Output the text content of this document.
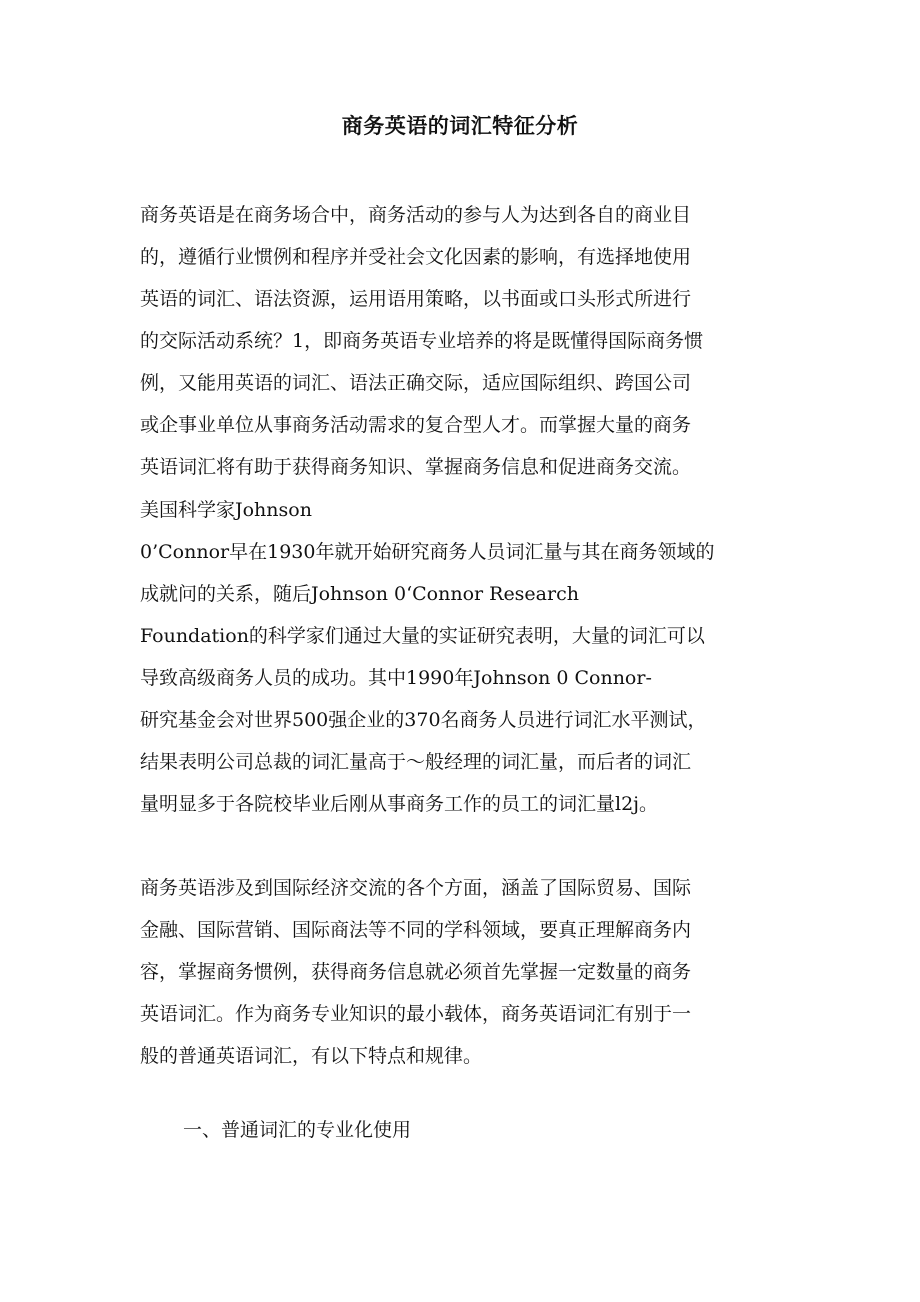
商务英语的词汇特征分析

商务英语是在商务场合中，商务活动的参与人为达到各自的商业目

的，遵循行业惯例和程序并受社会文化因素的影响，有选择地使用

英语的词汇、语法资源，运用语用策略，以书面或口头形式所进行

的交际活动系统？1，即商务英语专业培养的将是既懂得国际商务惯

例，又能用英语的词汇、语法正确交际，适应国际组织、跨国公司

或企事业单位从事商务活动需求的复合型人才。而掌握大量的商务

英语词汇将有助于获得商务知识、掌握商务信息和促进商务交流。

美国科学家Johnson

0’Connor早在1930年就开始研究商务人员词汇量与其在商务领域的

成就问的关系，随后Johnson 0‘Connor Research

Foundation的科学家们通过大量的实证研究表明，大量的词汇可以

导致高级商务人员的成功。其中1990年Johnson 0 Connor-

研究基金会对世界500强企业的370名商务人员进行词汇水平测试，

结果表明公司总裁的词汇量高于～般经理的词汇量，而后者的词汇

量明显多于各院校毕业后刚从事商务工作的员工的词汇量l2j。

商务英语涉及到国际经济交流的各个方面，涵盖了国际贸易、国际

金融、国际营销、国际商法等不同的学科领域，要真正理解商务内

容，掌握商务惯例，获得商务信息就必须首先掌握一定数量的商务

英语词汇。作为商务专业知识的最小载体，商务英语词汇有别于一

般的普通英语词汇，有以下特点和规律。

一、普通词汇的专业化使用
